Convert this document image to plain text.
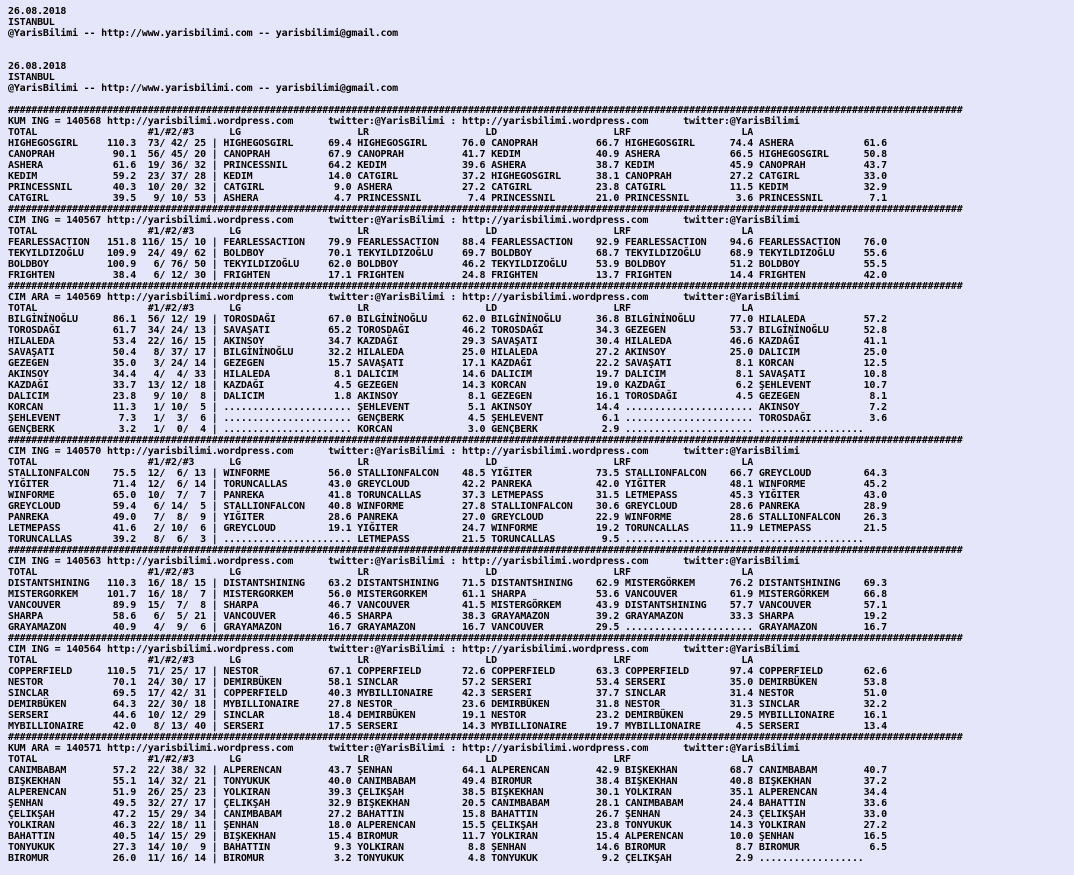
26.08.2018
ISTANBUL
@YarisBilimi -- http://www.yarisbilimi.com -- yarisbilimi@gmail.com

26.08.2018
ISTANBUL
@YarisBilimi -- http://www.yarisbilimi.com -- yarisbilimi@gmail.com

####################################################################################################################################################################
KUM ING = 140568 http://yarisbilimi.wordpress.com      twitter:@YarisBilimi : http://yarisbilimi.wordpress.com      twitter:@YarisBilimi
TOTAL                   #1/#2/#3      LG                    LR                    LD                    LRF                   LA
HIGHEGOSGIRL     110.3  73/ 42/ 25 | HIGHEGOSGIRL      69.4 HIGHEGOSGIRL      76.0 CANOPRAH          66.7 HIGHEGOSGIRL      74.4 ASHERA            61.6
CANOPRAH          90.1  56/ 45/ 20 | CANOPRAH          67.9 CANOPRAH          41.7 KEDIM             40.9 ASHERA            66.5 HIGHEGOSGIRL      50.8
ASHERA            61.6  19/ 36/ 32 | PRINCESSNIL       64.2 KEDIM             39.6 ASHERA            38.7 KEDIM             45.9 CANOPRAH          43.7
KEDIM             59.2  23/ 37/ 28 | KEDIM             14.0 CATGIRL           37.2 HIGHEGOSGIRL      38.1 CANOPRAH          27.2 CATGIRL           33.0
PRINCESSNIL       40.3  10/ 20/ 32 | CATGIRL            9.0 ASHERA            27.2 CATGIRL           23.8 CATGIRL           11.5 KEDIM             32.9
CATGIRL           39.5   9/ 10/ 53 | ASHERA             4.7 PRINCESSNIL        7.4 PRINCESSNIL       21.0 PRINCESSNIL        3.6 PRINCESSNIL        7.1
####################################################################################################################################################################
CIM ING = 140567 http://yarisbilimi.wordpress.com      twitter:@YarisBilimi : http://yarisbilimi.wordpress.com      twitter:@YarisBilimi
TOTAL                   #1/#2/#3      LG                    LR                    LD                    LRF                   LA
FEARLESSACTION   151.8 116/ 15/ 10 | FEARLESSACTION    79.9 FEARLESSACTION    88.4 FEARLESSACTION    92.9 FEARLESSACTION    94.6 FEARLESSACTION    76.0
TEKYILDIZOĞLU    109.9  24/ 49/ 62 | BOLDBOY           70.1 TEKYILDIZOĞLU     69.7 BOLDBOY           68.7 TEKYILDIZOĞLU     68.9 TEKYILDIZOĞLU     55.6
BOLDBOY          100.9   6/ 76/ 50 | TEKYILDIZOĞLU     62.0 BOLDBOY           46.2 TEKYILDIZOĞLU     53.9 BOLDBOY           51.2 BOLDBOY           55.5
FRIGHTEN          38.4   6/ 12/ 30 | FRIGHTEN          17.1 FRIGHTEN          24.8 FRIGHTEN          13.7 FRIGHTEN          14.4 FRIGHTEN          42.0
####################################################################################################################################################################
CIM ARA = 140569 http://yarisbilimi.wordpress.com      twitter:@YarisBilimi : http://yarisbilimi.wordpress.com      twitter:@YarisBilimi
TOTAL                   #1/#2/#3      LG                    LR                    LD                    LRF                   LA
BILGİNİNOĞLU      86.1  56/ 12/ 19 | TOROSDAĞI         67.0 BILGİNİNOĞLU      62.0 BILGİNİNOĞLU      36.8 BILGİNİNOĞLU      77.0 HILALEDA          57.2
TOROSDAĞI         61.7  34/ 24/ 13 | SAVAŞATI          65.2 TOROSDAĞI         46.2 TOROSDAĞI         34.3 GEZEGEN           53.7 BILGİNİNOĞLU      52.8
HILALEDA          53.4  22/ 16/ 15 | AKINSOY           34.7 KAZDAĞI           29.3 SAVAŞATI          30.4 HILALEDA          46.6 KAZDAĞI           41.1
SAVAŞATI          50.4   8/ 37/ 17 | BILGİNİNOĞLU      32.2 HILALEDA          25.0 HILALEDA          27.2 AKINSOY           25.0 DALICIM           25.0
GEZEGEN           35.0   3/ 24/ 14 | GEZEGEN           15.7 SAVAŞATI          17.1 KAZDAĞI           22.2 SAVAŞATI           8.1 KORCAN            12.5
AKINSOY           34.4   4/  4/ 33 | HILALEDA           8.1 DALICIM           14.6 DALICIM           19.7 DALICIM            8.1 SAVAŞATI          10.8
KAZDAĞI           33.7  13/ 12/ 18 | KAZDAĞI            4.5 GEZEGEN           14.3 KORCAN            19.0 KAZDAĞI            6.2 ŞEHLEVENT         10.7
DALICIM           23.8   9/ 10/  8 | DALICIM            1.8 AKINSOY            8.1 GEZEGEN           16.1 TOROSDAĞI          4.5 GEZEGEN            8.1
KORCAN            11.3   1/ 10/  5 | ...................... ŞEHLEVENT          5.1 AKINSOY           14.4 ...................... AKINSOY            7.2
ŞEHLEVENT          7.3   1/  3/  6 | ...................... GENÇBERK           4.5 ŞEHLEVENT          6.1 ...................... TOROSDAĞI          3.6
GENÇBERK           3.2   1/  0/  4 | ...................... KORCAN             3.0 GENÇBERK           2.9 ...................... ..................
####################################################################################################################################################################
CIM ING = 140570 http://yarisbilimi.wordpress.com      twitter:@YarisBilimi : http://yarisbilimi.wordpress.com      twitter:@YarisBilimi
TOTAL                   #1/#2/#3      LG                    LR                    LD                    LRF                   LA
STALLIONFALCON    75.5  12/  6/ 13 | WINFORME          56.0 STALLIONFALCON    48.5 YIĞITER           73.5 STALLIONFALCON    66.7 GREYCLOUD         64.3
YIĞITER           71.4  12/  6/ 14 | TORUNCALLAS       43.0 GREYCLOUD         42.2 PANREKA           42.0 YIĞITER           48.1 WINFORME          45.2
WINFORME          65.0  10/  7/  7 | PANREKA           41.8 TORUNCALLAS       37.3 LETMEPASS         31.5 LETMEPASS         45.3 YIĞITER           43.0
GREYCLOUD         59.4   6/ 14/  5 | STALLIONFALCON    40.8 WINFORME          27.8 STALLIONFALCON    30.6 GREYCLOUD         28.6 PANREKA           28.9
PANREKA           49.0   7/  8/  9 | YIĞITER           28.6 PANREKA           27.0 GREYCLOUD         22.9 WINFORME          28.6 STALLIONFALCON    26.3
LETMEPASS         41.6   2/ 10/  6 | GREYCLOUD         19.1 YIĞITER           24.7 WINFORME          19.2 TORUNCALLAS       11.9 LETMEPASS         21.5
TORUNCALLAS       39.2   8/  6/  3 | ...................... LETMEPASS         21.5 TORUNCALLAS        9.5 ...................... ..................
####################################################################################################################################################################
CIM ING = 140563 http://yarisbilimi.wordpress.com      twitter:@YarisBilimi : http://yarisbilimi.wordpress.com      twitter:@YarisBilimi
TOTAL                   #1/#2/#3      LG                    LR                    LD                    LRF                   LA
DISTANTSHINING   110.3  16/ 18/ 15 | DISTANTSHINING    63.2 DISTANTSHINING    71.5 DISTANTSHINING    62.9 MISTERGÖRKEM      76.2 DISTANTSHINING    69.3
MISTERGORKEM     101.7  16/ 18/  7 | MISTERGORKEM      56.0 MISTERGORKEM      61.1 SHARPA            53.6 VANCOUVER         61.9 MISTERGÖRKEM      66.8
VANCOUVER         89.9  15/  7/  8 | SHARPA            46.7 VANCOUVER         41.5 MISTERGÖRKEM      43.9 DISTANTSHINING    57.7 VANCOUVER         57.1
SHARPA            58.6   6/  5/ 21 | VANCOUVER         46.5 SHARPA            38.3 GRAYAMAZON        39.2 GRAYAMAZON        33.3 SHARPA            19.2
GRAYAMAZON        40.9   4/  9/  6 | GRAYAMAZON        16.7 GRAYAMAZON        16.7 VANCOUVER         29.5 ...................... GRAYAMAZON        16.7
####################################################################################################################################################################
CIM ING = 140564 http://yarisbilimi.wordpress.com      twitter:@YarisBilimi : http://yarisbilimi.wordpress.com      twitter:@YarisBilimi
TOTAL                   #1/#2/#3      LG                    LR                    LD                    LRF                   LA
COPPERFIELD      110.5  71/ 25/ 17 | NESTOR            67.1 COPPERFIELD       72.6 COPPERFIELD       63.3 COPPERFIELD       97.4 COPPERFIELD       62.6
NESTOR            70.1  24/ 30/ 17 | DEMIRBÜKEN        58.1 SINCLAR           57.2 SERSERI           53.4 SERSERI           35.0 DEMIRBÜKEN        53.8
SINCLAR           69.5  17/ 42/ 31 | COPPERFIELD       40.3 MYBILLIONAIRE     42.3 SERSERI           37.7 SINCLAR           31.4 NESTOR            51.0
DEMIRBÜKEN        64.3  22/ 30/ 18 | MYBILLIONAIRE     27.8 NESTOR            23.6 DEMIRBÜKEN        31.8 NESTOR            31.3 SINCLAR           32.2
SERSERI           44.6  10/ 12/ 29 | SINCLAR           18.4 DEMIRBÜKEN        19.1 NESTOR            23.2 DEMIRBÜKEN        29.5 MYBILLIONAIRE     16.1
MYBILLIONAIRE     42.0   8/ 13/ 40 | SERSERI           17.5 SERSERI           14.3 MYBILLIONAIRE     19.7 MYBILLIONAIRE      4.5 SERSERI           13.4
####################################################################################################################################################################
KUM ARA = 140571 http://yarisbilimi.wordpress.com      twitter:@YarisBilimi : http://yarisbilimi.wordpress.com      twitter:@YarisBilimi
TOTAL                   #1/#2/#3      LG                    LR                    LD                    LRF                   LA
CANIMBABAM        57.2  22/ 38/ 32 | ALPERENCAN        43.7 ŞENHAN            64.1 ALPERENCAN        42.9 BIŞKEKHAN         68.7 CANIMBABAM        40.7
BIŞKEKHAN         55.1  14/ 32/ 21 | TONYUKUK          40.0 CANIMBABAM        49.4 BIROMUR           38.4 BIŞKEKHAN         40.8 BIŞKEKHAN         37.2
ALPERENCAN        51.9  26/ 25/ 23 | YOLKIRAN          39.3 ÇELIKŞAH          38.5 BIŞKEKHAN         30.1 YOLKIRAN          35.1 ALPERENCAN        34.4
ŞENHAN            49.5  32/ 27/ 17 | ÇELIKŞAH          32.9 BIŞKEKHAN         20.5 CANIMBABAM        28.1 CANIMBABAM        24.4 BAHATTIN          33.6
ÇELIKŞAH          47.2  15/ 29/ 34 | CANIMBABAM        27.2 BAHATTIN          15.8 BAHATTIN          26.7 ŞENHAN            24.3 ÇELIKŞAH          33.0
YOLKIRAN          46.3  22/ 18/ 11 | ŞENHAN            18.0 ALPERENCAN        15.5 ÇELIKŞAH          23.8 TONYUKUK          14.3 YOLKIRAN          27.2
BAHATTIN          40.5  14/ 15/ 29 | BIŞKEKHAN         15.4 BIROMUR           11.7 YOLKIRAN          15.4 ALPERENCAN        10.0 ŞENHAN            16.5
TONYUKUK          27.3  14/ 10/  9 | BAHATTIN           9.3 YOLKIRAN           8.8 ŞENHAN            14.6 BIROMUR            8.7 BIROMUR            6.5
BIROMUR           26.0  11/ 16/ 14 | BIROMUR            3.2 TONYUKUK           4.8 TONYUKUK           9.2 ÇELIKŞAH           2.9 ..................
